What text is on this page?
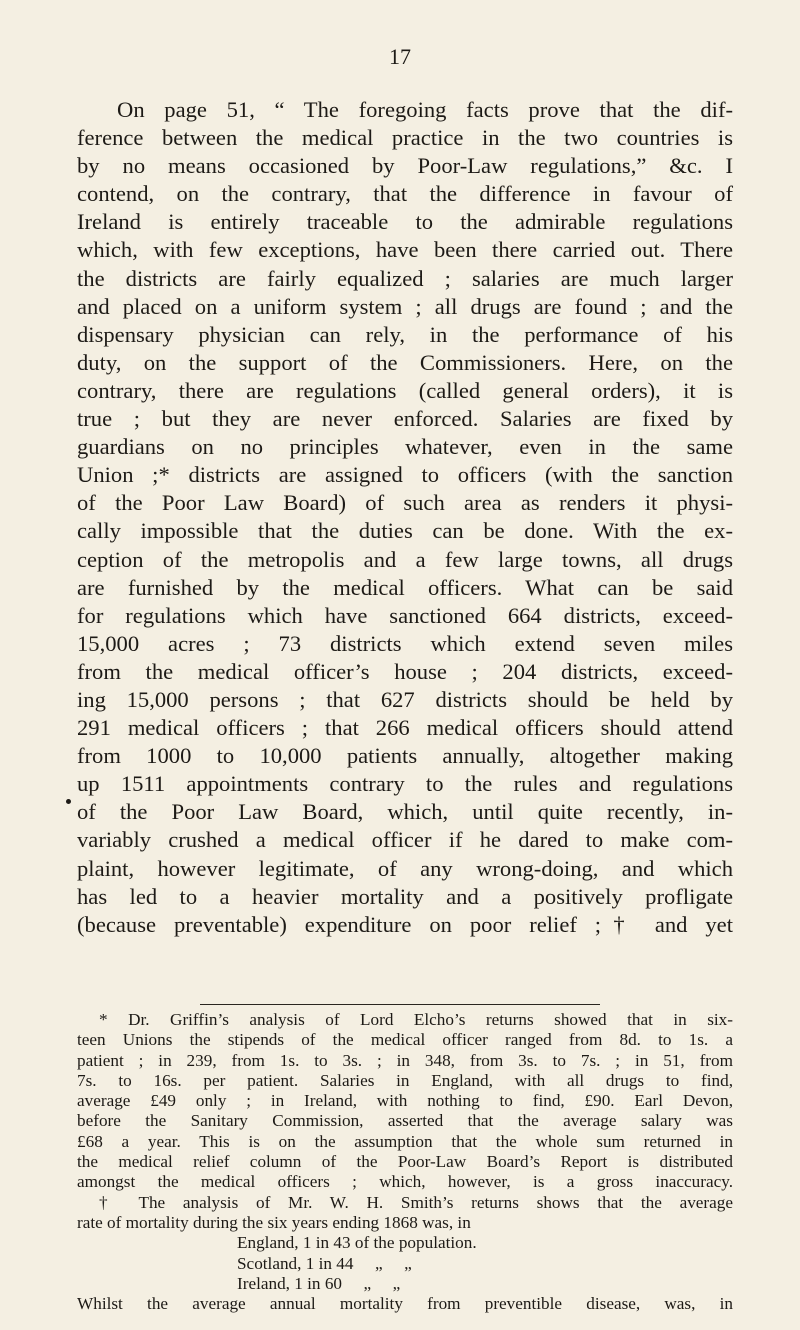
17
On page 51, “ The foregoing facts prove that the dif-
ference between the medical practice in the two countries is
by no means occasioned by Poor-Law regulations,” &c. I
contend, on the contrary, that the difference in favour of
Ireland is entirely traceable to the admirable regulations
which, with few exceptions, have been there carried out. There
the districts are fairly equalized ; salaries are much larger
and placed on a uniform system ; all drugs are found ; and the
dispensary physician can rely, in the performance of his
duty, on the support of the Commissioners. Here, on the
contrary, there are regulations (called general orders), it is
true ; but they are never enforced. Salaries are fixed by
guardians on no principles whatever, even in the same
Union ;* districts are assigned to officers (with the sanction
of the Poor Law Board) of such area as renders it physi-
cally impossible that the duties can be done. With the ex-
ception of the metropolis and a few large towns, all drugs
are furnished by the medical officers. What can be said
for regulations which have sanctioned 664 districts, exceed-
15,000 acres ; 73 districts which extend seven miles
from the medical officer’s house ; 204 districts, exceed-
ing 15,000 persons ; that 627 districts should be held by
291 medical officers ; that 266 medical officers should attend
from 1000 to 10,000 patients annually, altogether making
up 1511 appointments contrary to the rules and regulations
of the Poor Law Board, which, until quite recently, in-
variably crushed a medical officer if he dared to make com-
plaint, however legitimate, of any wrong-doing, and which
has led to a heavier mortality and a positively profligate
(because preventable) expenditure on poor relief ;† and yet
* Dr. Griffin’s analysis of Lord Elcho’s returns showed that in six-
teen Unions the stipends of the medical officer ranged from 8d. to 1s. a
patient ; in 239, from 1s. to 3s. ; in 348, from 3s. to 7s. ; in 51, from
7s. to 16s. per patient. Salaries in England, with all drugs to find,
average £49 only ; in Ireland, with nothing to find, £90. Earl Devon,
before the Sanitary Commission, asserted that the average salary was
£68 a year. This is on the assumption that the whole sum returned in
the medical relief column of the Poor-Law Board’s Report is distributed
amongst the medical officers ; which, however, is a gross inaccuracy.
† The analysis of Mr. W. H. Smith’s returns shows that the average
rate of mortality during the six years ending 1868 was, in
England, 1 in 43 of the population.
Scotland, 1 in 44     „     „
Ireland, 1 in 60     „     „
Whilst the average annual mortality from preventible disease, was, in
